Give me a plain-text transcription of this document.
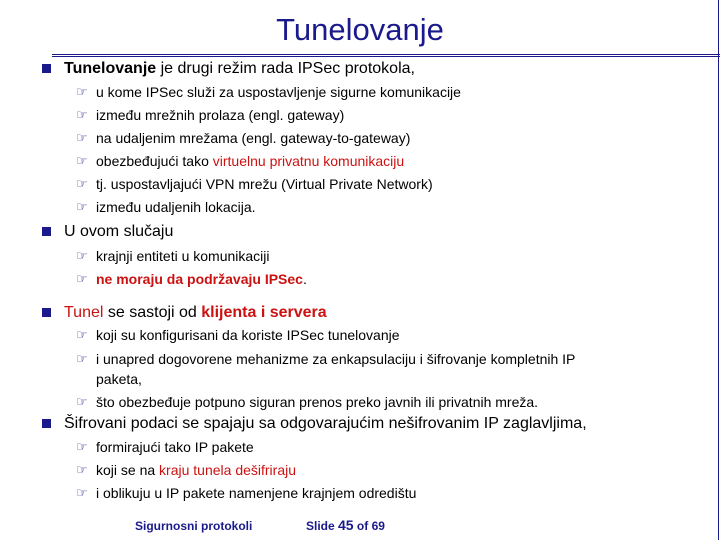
Tunelovanje
Tunelovanje je drugi režim rada IPSec protokola,
☞ u kome IPSec služi za uspostavljenje sigurne komunikacije
☞ između mrežnih prolaza (engl. gateway)
☞ na udaljenim mrežama (engl. gateway-to-gateway)
☞ obezbeđujući tako virtuelnu privatnu komunikaciju
☞ tj. uspostavljajući VPN mrežu (Virtual Private Network)
☞ između udaljenih lokacija.
U ovom slučaju
☞ krajnji entiteti u komunikaciji
☞ ne moraju da podržavaju IPSec.
Tunel se sastoji od klijenta i servera
☞ koji su konfigurisani da koriste IPSec tunelovanje
☞ i unapred dogovorene mehanizme za enkapsulaciju i šifrovanje kompletnih IP
paketa,
☞ što obezbeđuje potpuno siguran prenos preko javnih ili privatnih mreža.
Šifrovani podaci se spajaju sa odgovarajućim nešifrovanim IP zaglavljima,
☞ formirajući tako IP pakete
☞ koji se na kraju tunela dešifriraju
☞ i oblikuju u IP pakete namenjene krajnjem odredištu
Sigurnosni protokoli	Slide 45 of 69
